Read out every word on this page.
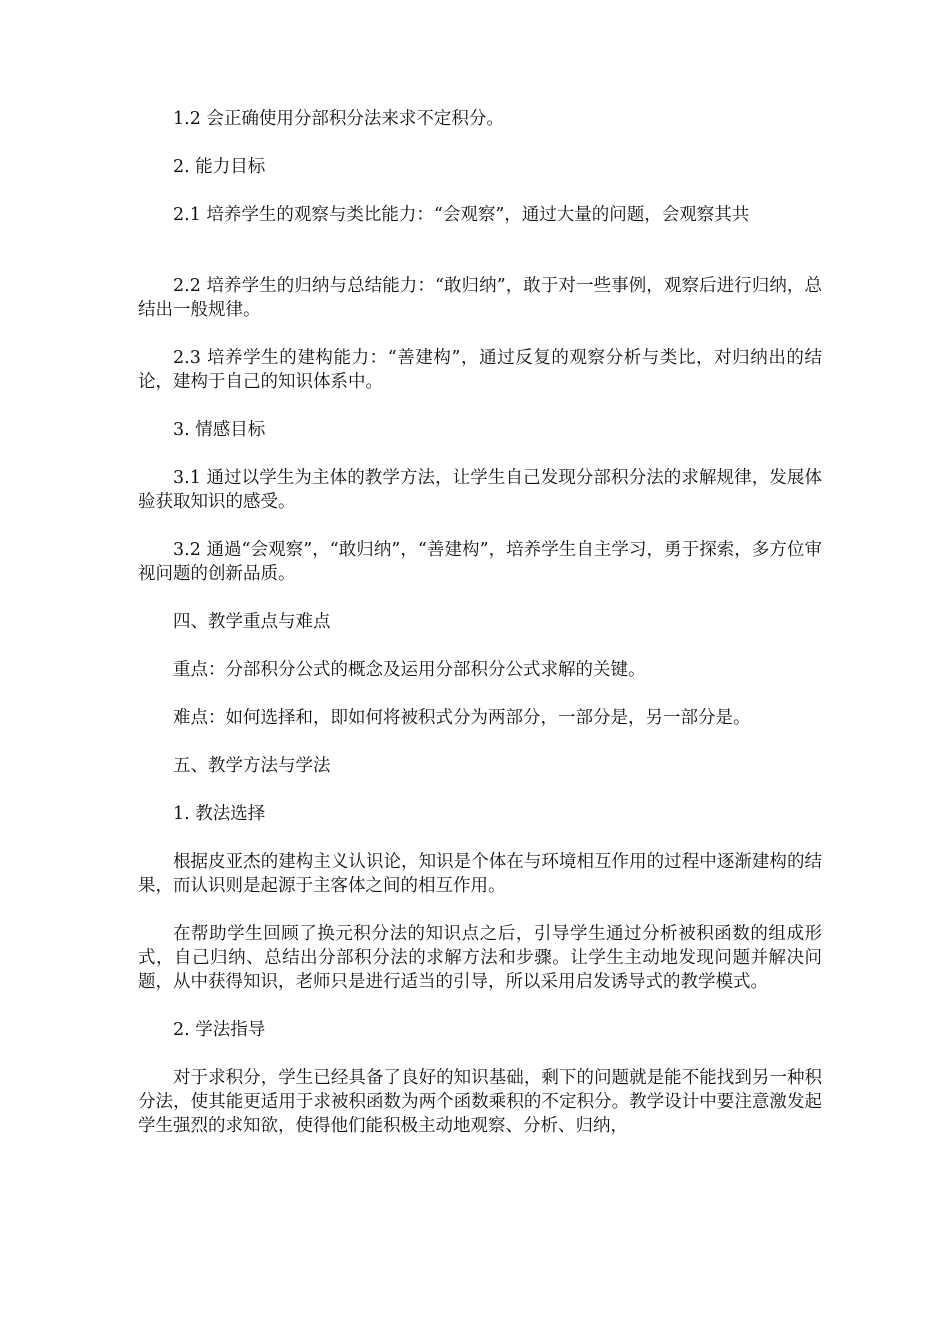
1.2 会正确使用分部积分法来求不定积分。

2. 能力目标

2.1 培养学生的观察与类比能力：“会观察”，通过大量的问题，会观察其共

2.2 培养学生的归纳与总结能力：“敢归纳”，敢于对一些事例，观察后进行归纳，总结出一般规律。

2.3 培养学生的建构能力：“善建构”，通过反复的观察分析与类比，对归纳出的结论，建构于自己的知识体系中。

3. 情感目标

3.1 通过以学生为主体的教学方法，让学生自己发现分部积分法的求解规律，发展体验获取知识的感受。

3.2 通過“会观察”，“敢归纳”，“善建构”，培养学生自主学习，勇于探索，多方位审视问题的创新品质。

四、教学重点与难点

重点：分部积分公式的概念及运用分部积分公式求解的关键。

难点：如何选择和，即如何将被积式分为两部分，一部分是，另一部分是。

五、教学方法与学法

1. 教法选择

根据皮亚杰的建构主义认识论，知识是个体在与环境相互作用的过程中逐渐建构的结果，而认识则是起源于主客体之间的相互作用。

在帮助学生回顾了换元积分法的知识点之后，引导学生通过分析被积函数的组成形式，自己归纳、总结出分部积分法的求解方法和步骤。让学生主动地发现问题并解决问题，从中获得知识，老师只是进行适当的引导，所以采用启发诱导式的教学模式。

2. 学法指导

对于求积分，学生已经具备了良好的知识基础，剩下的问题就是能不能找到另一种积分法，使其能更适用于求被积函数为两个函数乘积的不定积分。教学设计中要注意激发起学生强烈的求知欲，使得他们能积极主动地观察、分析、归纳，
